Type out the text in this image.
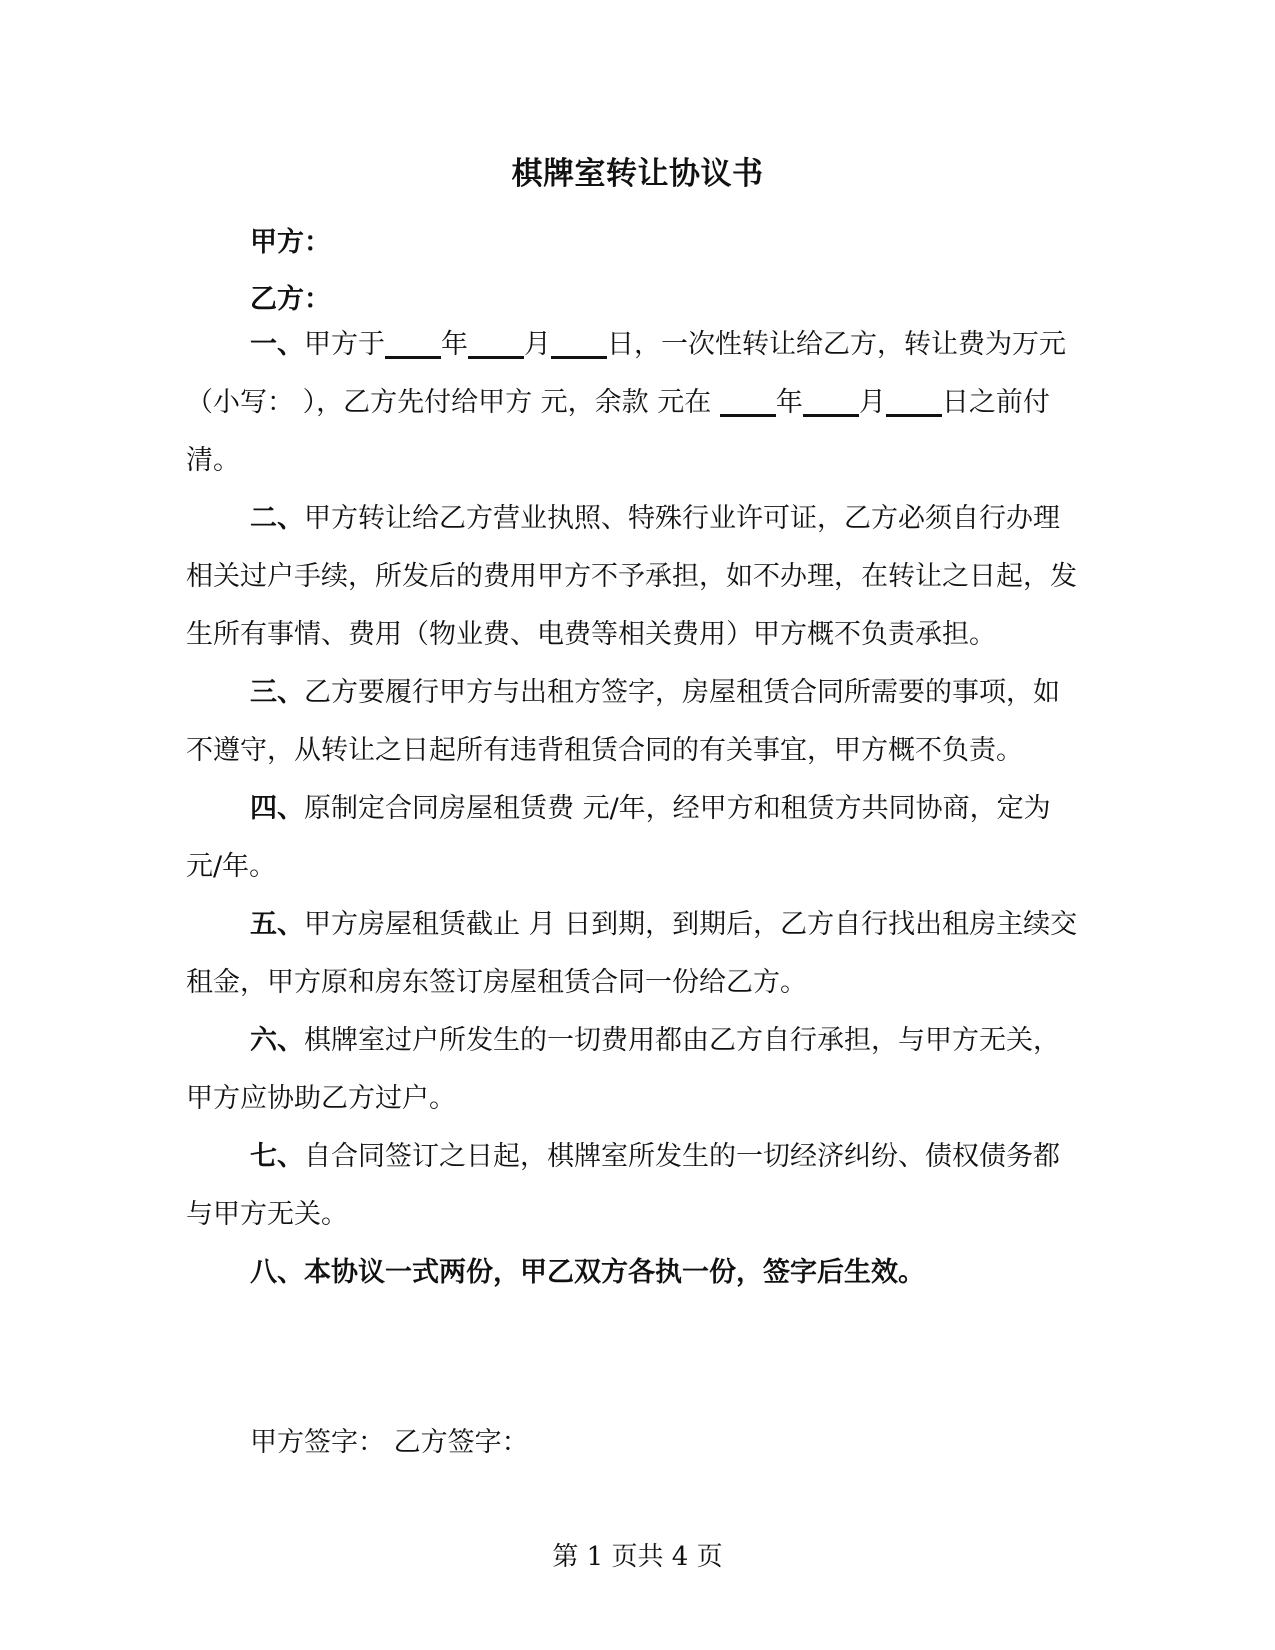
棋牌室转让协议书
甲方：
乙方：

一、甲方于 年 月 日，一次性转让给乙方，转让费为万元（小写： ），乙方先付给甲方 元，余款 元在 年 月 日之前付清。

二、甲方转让给乙方营业执照、特殊行业许可证，乙方必须自行办理相关过户手续，所发后的费用甲方不予承担，如不办理，在转让之日起，发生所有事情、费用（物业费、电费等相关费用）甲方概不负责承担。

三、乙方要履行甲方与出租方签字，房屋租赁合同所需要的事项，如不遵守，从转让之日起所有违背租赁合同的有关事宜，甲方概不负责。

四、原制定合同房屋租赁费 元/年，经甲方和租赁方共同协商，定为 元/年。

五、甲方房屋租赁截止 月 日到期，到期后，乙方自行找出租房主续交租金，甲方原和房东签订房屋租赁合同一份给乙方。

六、棋牌室过户所发生的一切费用都由乙方自行承担，与甲方无关，甲方应协助乙方过户。

七、自合同签订之日起，棋牌室所发生的一切经济纠纷、债权债务都与甲方无关。

八、本协议一式两份，甲乙双方各执一份，签字后生效。

甲方签字： 乙方签字：
第 1 页共 4 页
